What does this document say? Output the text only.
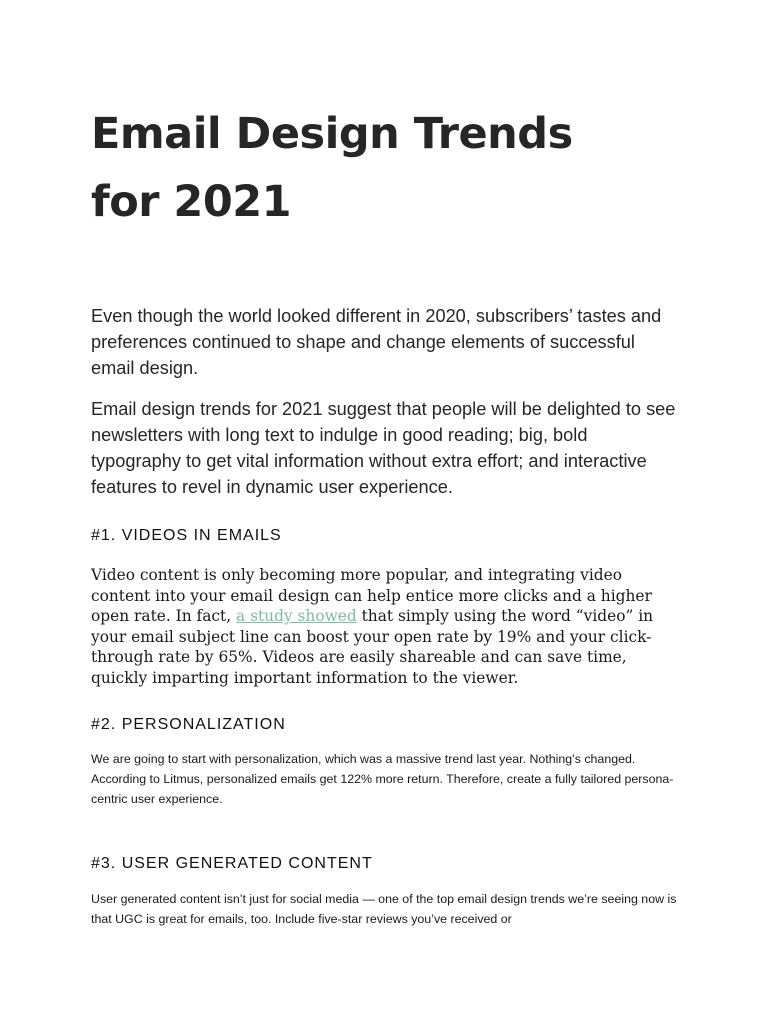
Email Design Trends
for 2021

Even though the world looked different in 2020, subscribers’ tastes and preferences continued to shape and change elements of successful email design.

Email design trends for 2021 suggest that people will be delighted to see newsletters with long text to indulge in good reading; big, bold typography to get vital information without extra effort; and interactive features to revel in dynamic user experience.

#1. VIDEOS IN EMAILS

Video content is only becoming more popular, and integrating video content into your email design can help entice more clicks and a higher open rate. In fact, a study showed that simply using the word “video” in your email subject line can boost your open rate by 19% and your click-through rate by 65%. Videos are easily shareable and can save time, quickly imparting important information to the viewer.

#2. PERSONALIZATION

We are going to start with personalization, which was a massive trend last year. Nothing’s changed. According to Litmus, personalized emails get 122% more return. Therefore, create a fully tailored persona-centric user experience.

#3. USER GENERATED CONTENT

User generated content isn’t just for social media — one of the top email design trends we’re seeing now is that UGC is great for emails, too. Include five-star reviews you’ve received or
